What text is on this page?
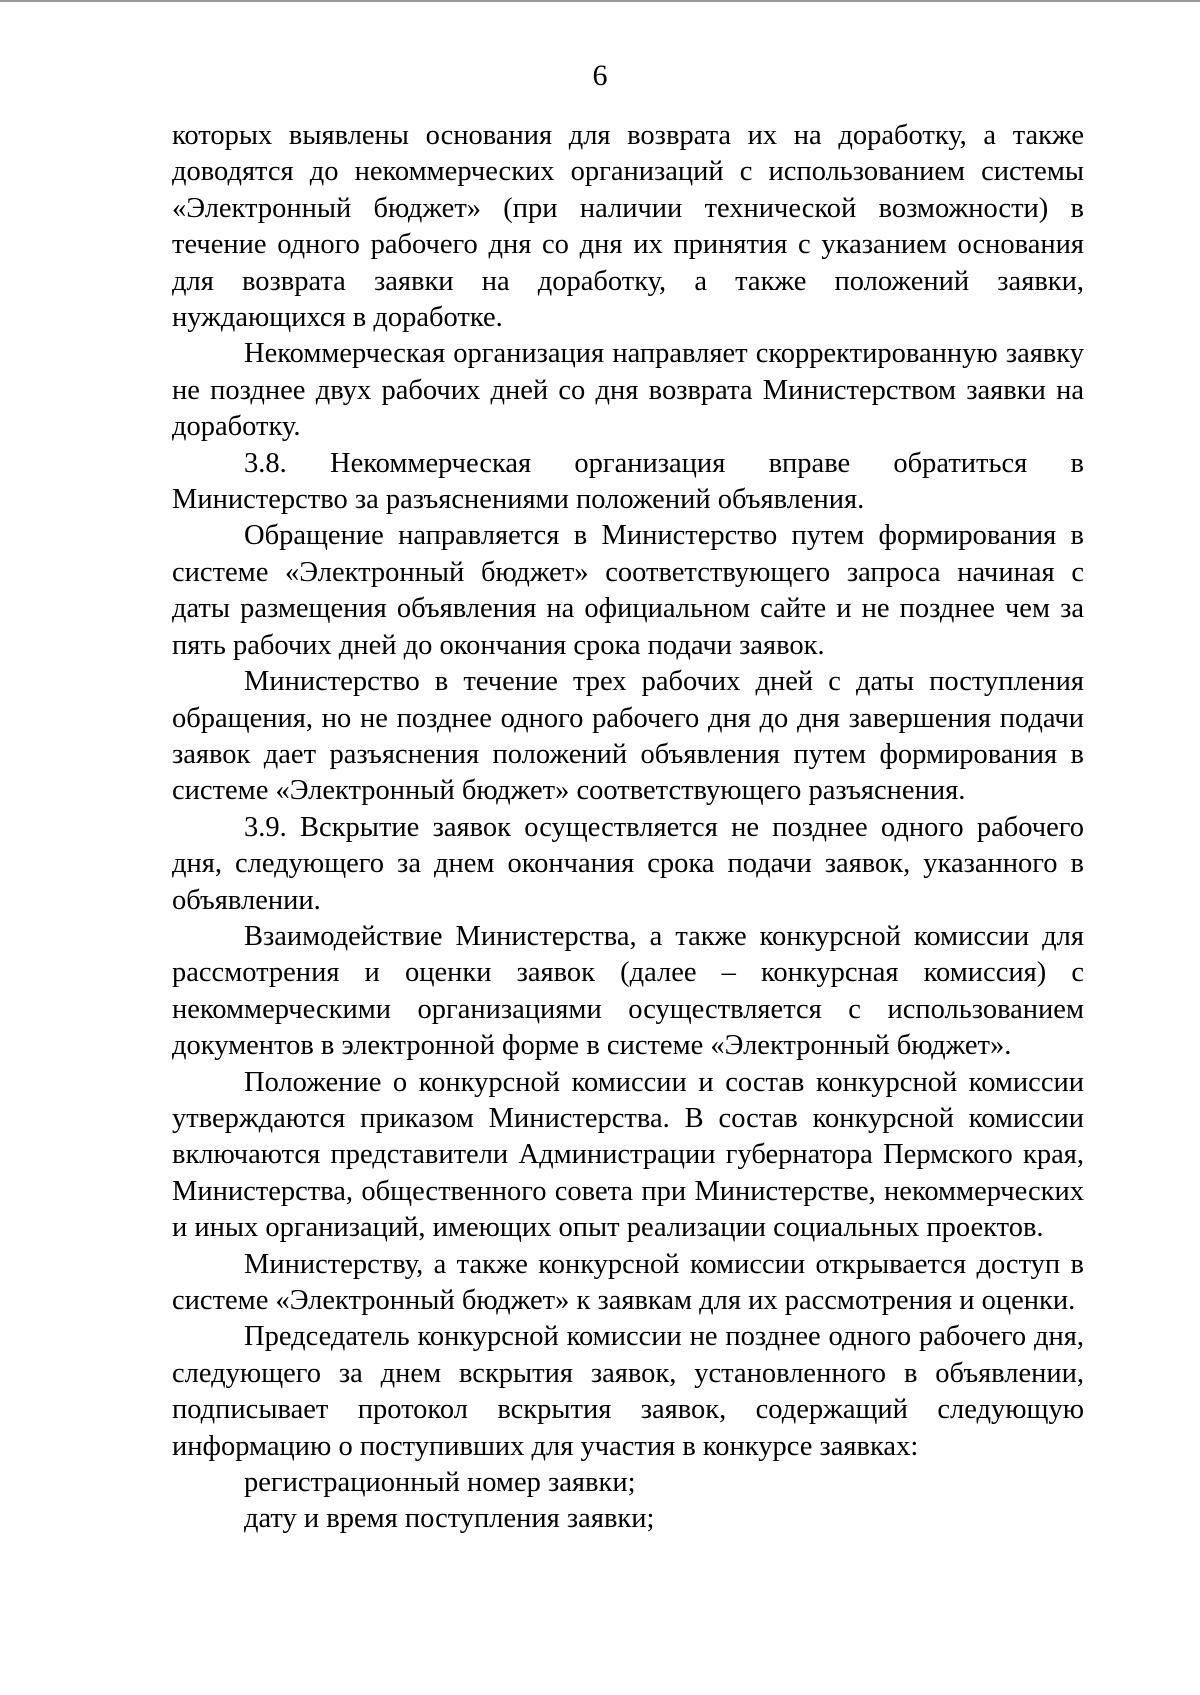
6

которых выявлены основания для возврата их на доработку, а также доводятся до некоммерческих организаций с использованием системы «Электронный бюджет» (при наличии технической возможности) в течение одного рабочего дня со дня их принятия с указанием основания для возврата заявки на доработку, а также положений заявки, нуждающихся в доработке.

Некоммерческая организация направляет скорректированную заявку не позднее двух рабочих дней со дня возврата Министерством заявки на доработку.

3.8. Некоммерческая организация вправе обратиться в Министерство за разъяснениями положений объявления.

Обращение направляется в Министерство путем формирования в системе «Электронный бюджет» соответствующего запроса начиная с даты размещения объявления на официальном сайте и не позднее чем за пять рабочих дней до окончания срока подачи заявок.

Министерство в течение трех рабочих дней с даты поступления обращения, но не позднее одного рабочего дня до дня завершения подачи заявок дает разъяснения положений объявления путем формирования в системе «Электронный бюджет» соответствующего разъяснения.

3.9. Вскрытие заявок осуществляется не позднее одного рабочего дня, следующего за днем окончания срока подачи заявок, указанного в объявлении.

Взаимодействие Министерства, а также конкурсной комиссии для рассмотрения и оценки заявок (далее – конкурсная комиссия) с некоммерческими организациями осуществляется с использованием документов в электронной форме в системе «Электронный бюджет».

Положение о конкурсной комиссии и состав конкурсной комиссии утверждаются приказом Министерства. В состав конкурсной комиссии включаются представители Администрации губернатора Пермского края, Министерства, общественного совета при Министерстве, некоммерческих и иных организаций, имеющих опыт реализации социальных проектов.

Министерству, а также конкурсной комиссии открывается доступ в системе «Электронный бюджет» к заявкам для их рассмотрения и оценки.

Председатель конкурсной комиссии не позднее одного рабочего дня, следующего за днем вскрытия заявок, установленного в объявлении, подписывает протокол вскрытия заявок, содержащий следующую информацию о поступивших для участия в конкурсе заявках:

регистрационный номер заявки;

дату и время поступления заявки;
